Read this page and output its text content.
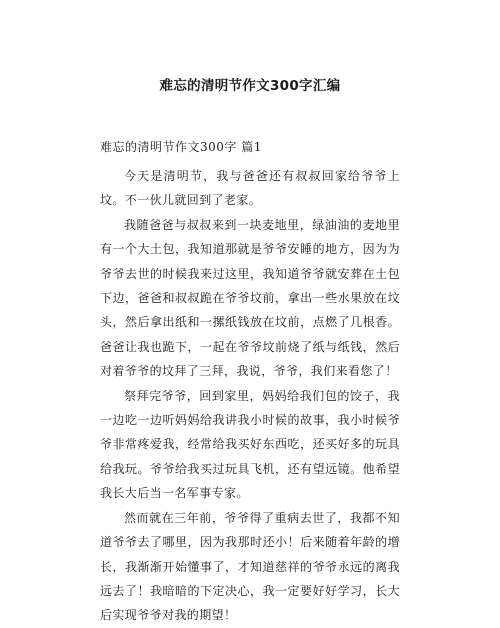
难忘的清明节作文300字汇编
难忘的清明节作文300字 篇1

今天是清明节，我与爸爸还有叔叔回家给爷爷上坟。不一伙儿就回到了老家。

我随爸爸与叔叔来到一块麦地里，绿油油的麦地里有一个大土包，我知道那就是爷爷安睡的地方，因为为爷爷去世的时候我来过这里，我知道爷爷就安葬在土包下边，爸爸和叔叔跪在爷爷坟前，拿出一些水果放在坟头，然后拿出纸和一摞纸钱放在坟前，点燃了几根香。爸爸让我也跪下，一起在爷爷坟前烧了纸与纸钱，然后对着爷爷的坟拜了三拜，我说，爷爷，我们来看您了！

祭拜完爷爷，回到家里，妈妈给我们包的饺子，我一边吃一边听妈妈给我讲我小时候的故事，我小时候爷爷非常疼爱我，经常给我买好东西吃，还买好多的玩具给我玩。爷爷给我买过玩具飞机，还有望远镜。他希望我长大后当一名军事专家。

然而就在三年前，爷爷得了重病去世了，我都不知道爷爷去了哪里，因为我那时还小！后来随着年龄的增长，我渐渐开始懂事了，才知道慈祥的爷爷永远的离我远去了！我暗暗的下定决心，我一定要好好学习，长大后实现爷爷对我的期望！
